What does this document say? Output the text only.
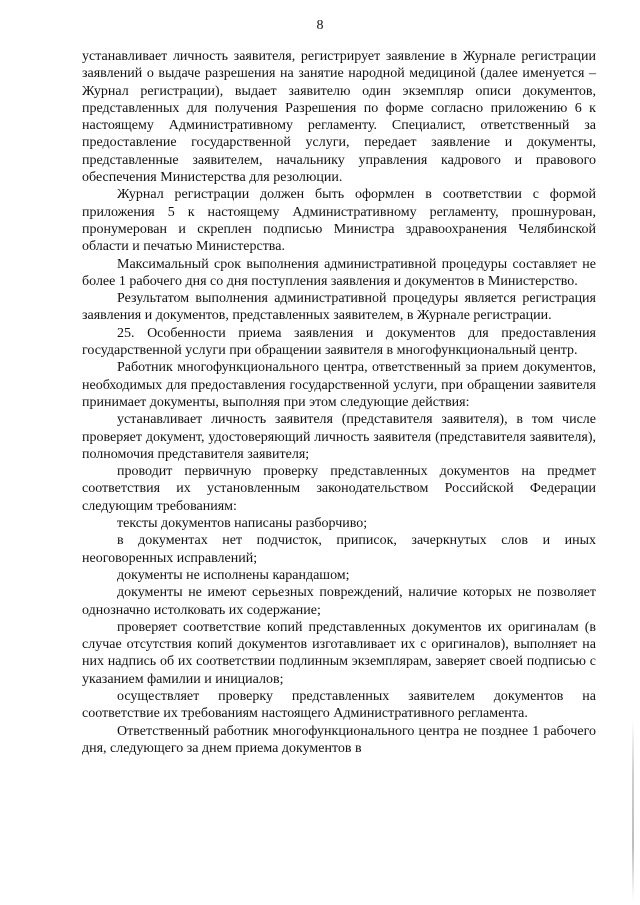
8

устанавливает личность заявителя, регистрирует заявление в Журнале регистрации заявлений о выдаче разрешения на занятие народной медициной (далее именуется – Журнал регистрации), выдает заявителю один экземпляр описи документов, представленных для получения Разрешения по форме согласно приложению 6 к настоящему Административному регламенту. Специалист, ответственный за предоставление государственной услуги, передает заявление и документы, представленные заявителем, начальнику управления кадрового и правового обеспечения Министерства для резолюции.

Журнал регистрации должен быть оформлен в соответствии с формой приложения 5 к настоящему Административному регламенту, прошнурован, пронумерован и скреплен подписью Министра здравоохранения Челябинской области и печатью Министерства.

Максимальный срок выполнения административной процедуры составляет не более 1 рабочего дня со дня поступления заявления и документов в Министерство.

Результатом выполнения административной процедуры является регистрация заявления и документов, представленных заявителем, в Журнале регистрации.

25. Особенности приема заявления и документов для предоставления государственной услуги при обращении заявителя в многофункциональный центр.

Работник многофункционального центра, ответственный за прием документов, необходимых для предоставления государственной услуги, при обращении заявителя принимает документы, выполняя при этом следующие действия:

устанавливает личность заявителя (представителя заявителя), в том числе проверяет документ, удостоверяющий личность заявителя (представителя заявителя), полномочия представителя заявителя;

проводит первичную проверку представленных документов на предмет соответствия их установленным законодательством Российской Федерации следующим требованиям:

тексты документов написаны разборчиво;

в документах нет подчисток, приписок, зачеркнутых слов и иных неоговоренных исправлений;

документы не исполнены карандашом;

документы не имеют серьезных повреждений, наличие которых не позволяет однозначно истолковать их содержание;

проверяет соответствие копий представленных документов их оригиналам (в случае отсутствия копий документов изготавливает их с оригиналов), выполняет на них надпись об их соответствии подлинным экземплярам, заверяет своей подписью с указанием фамилии и инициалов;

осуществляет проверку представленных заявителем документов на соответствие их требованиям настоящего Административного регламента.

Ответственный работник многофункционального центра не позднее 1 рабочего дня, следующего за днем приема документов в
